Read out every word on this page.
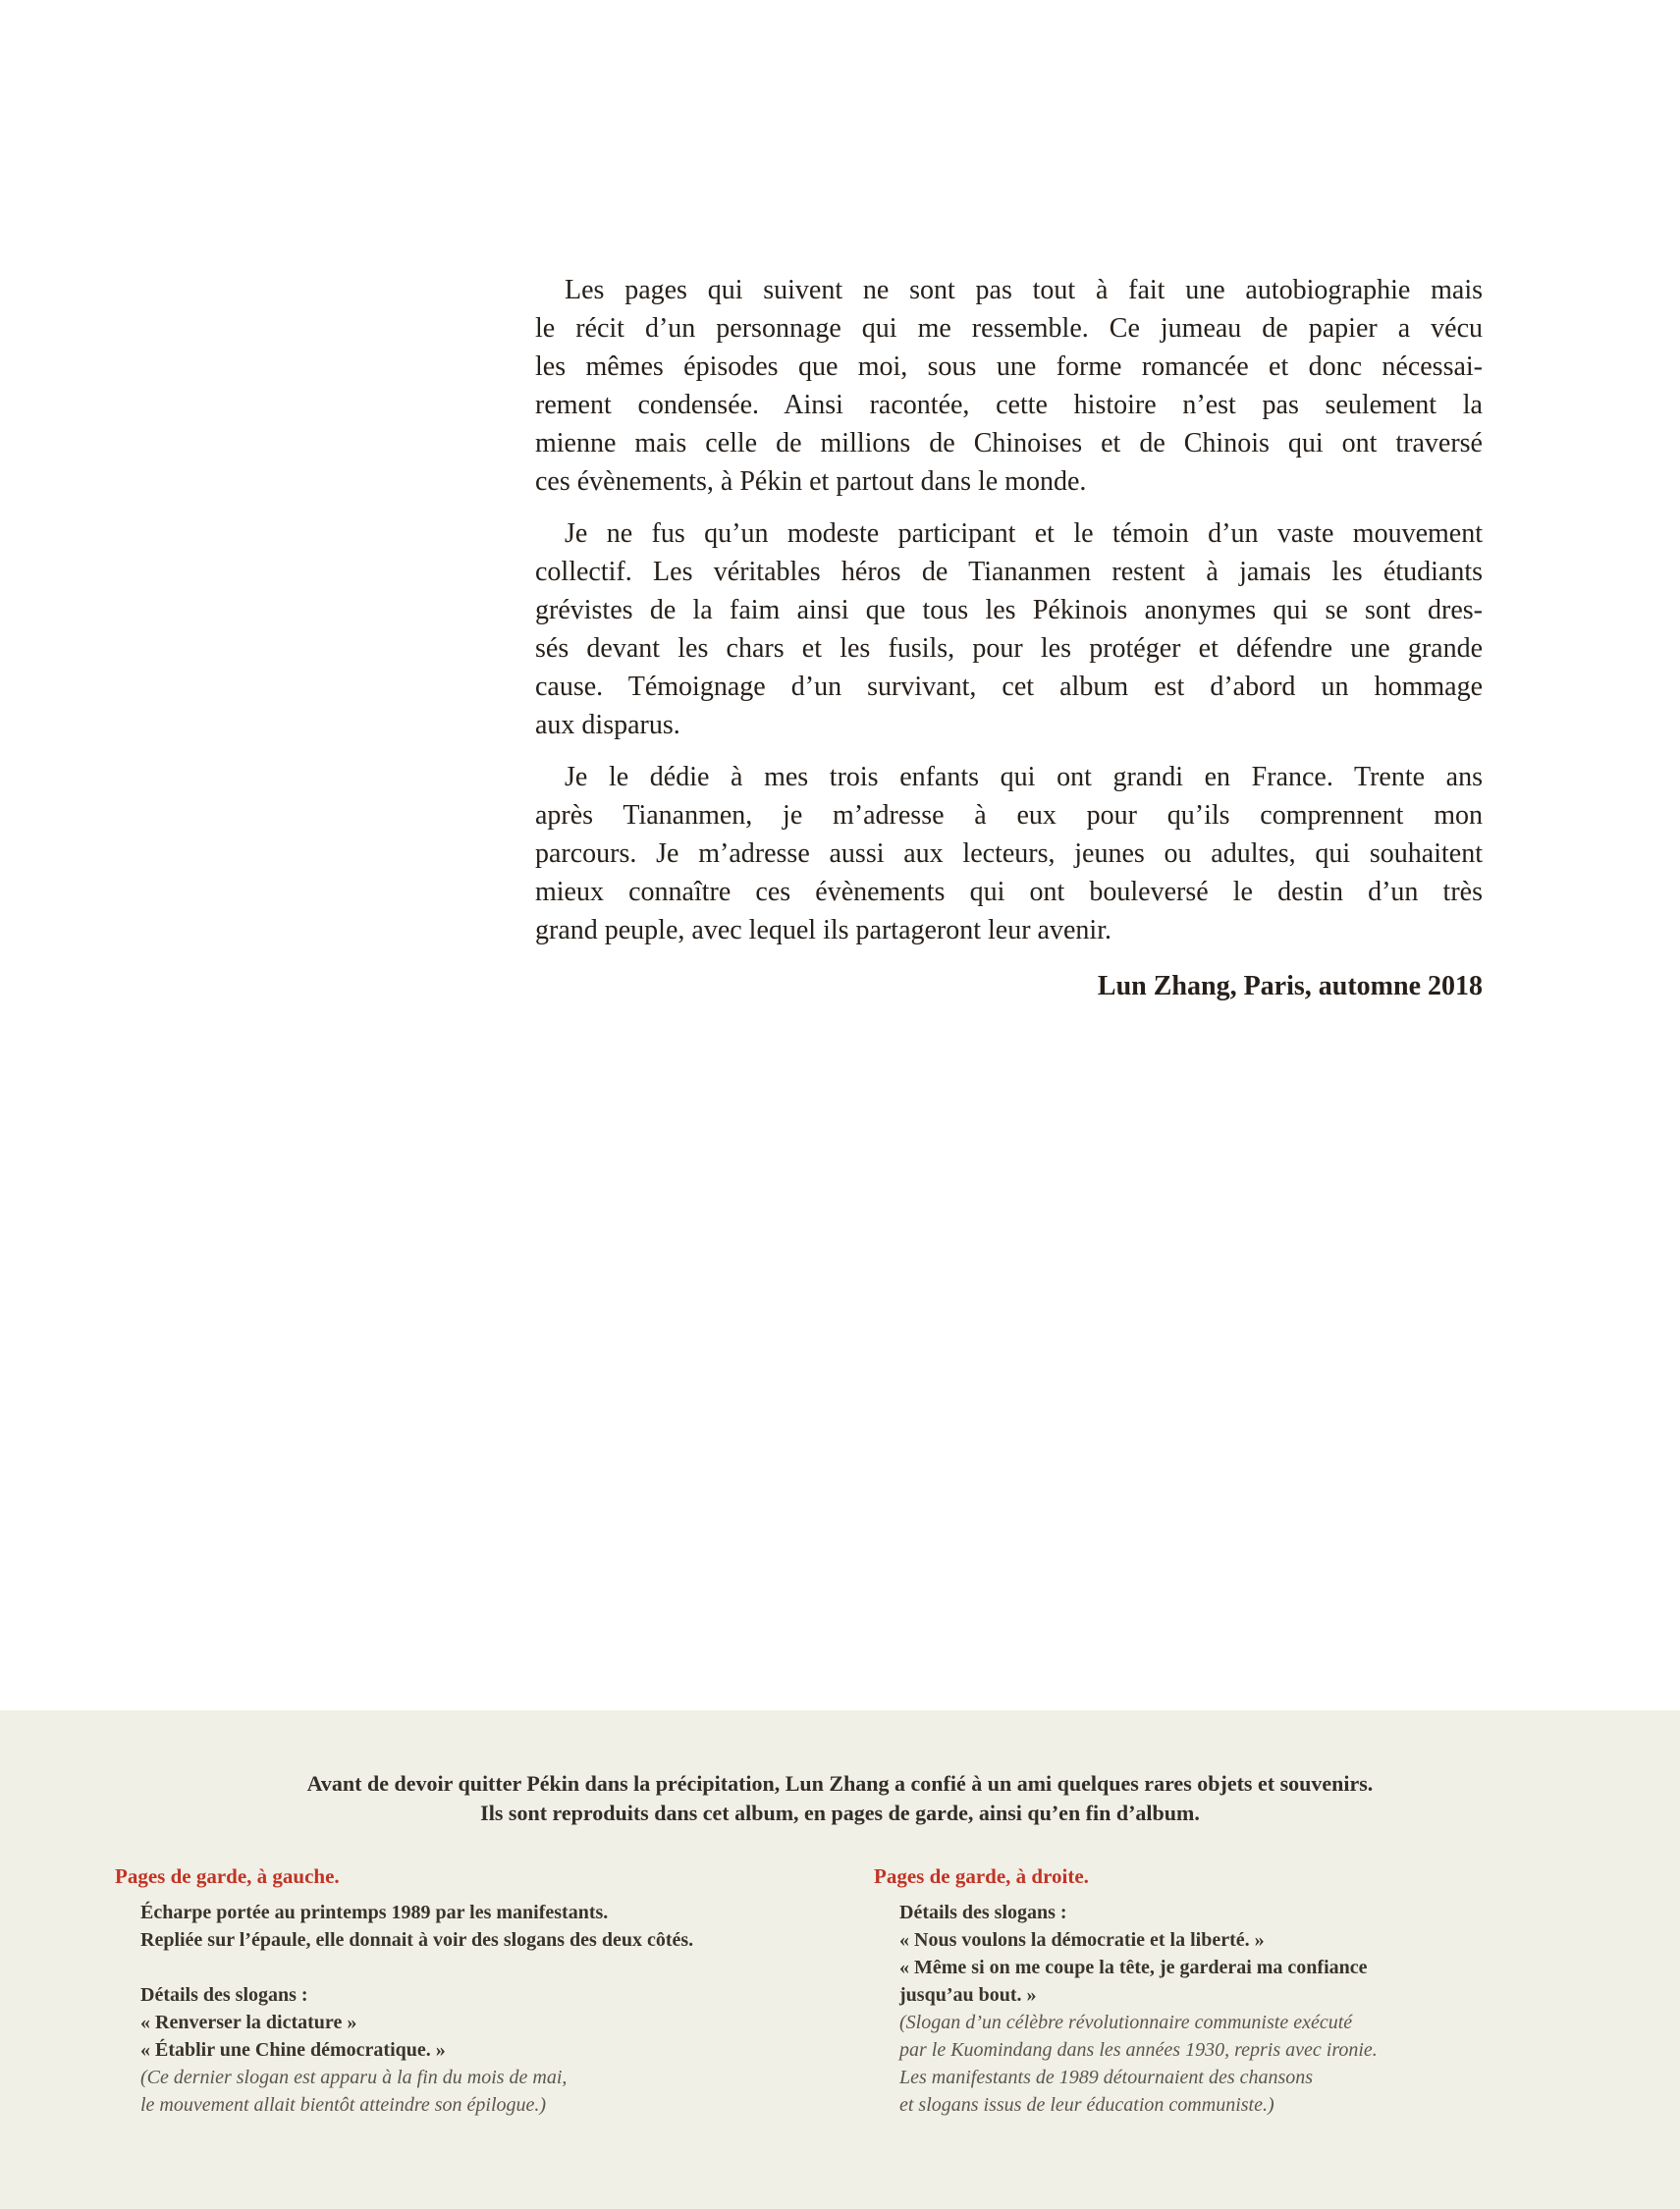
Les pages qui suivent ne sont pas tout à fait une autobiographie mais
le récit d’un personnage qui me ressemble. Ce jumeau de papier a vécu
les mêmes épisodes que moi, sous une forme romancée et donc nécessai-
rement condensée. Ainsi racontée, cette histoire n’est pas seulement la
mienne mais celle de millions de Chinoises et de Chinois qui ont traversé
ces évènements, à Pékin et partout dans le monde.
Je ne fus qu’un modeste participant et le témoin d’un vaste mouvement
collectif. Les véritables héros de Tiananmen restent à jamais les étudiants
grévistes de la faim ainsi que tous les Pékinois anonymes qui se sont dres-
sés devant les chars et les fusils, pour les protéger et défendre une grande
cause. Témoignage d’un survivant, cet album est d’abord un hommage
aux disparus.
Je le dédie à mes trois enfants qui ont grandi en France. Trente ans
après Tiananmen, je m’adresse à eux pour qu’ils comprennent mon
parcours. Je m’adresse aussi aux lecteurs, jeunes ou adultes, qui souhaitent
mieux connaître ces évènements qui ont bouleversé le destin d’un très
grand peuple, avec lequel ils partageront leur avenir.
Lun Zhang, Paris, automne 2018
Avant de devoir quitter Pékin dans la précipitation, Lun Zhang a confié à un ami quelques rares objets et souvenirs.
Ils sont reproduits dans cet album, en pages de garde, ainsi qu’en fin d’album.
Pages de garde, à gauche.
Écharpe portée au printemps 1989 par les manifestants.
Repliée sur l’épaule, elle donnait à voir des slogans des deux côtés.
Détails des slogans :
« Renverser la dictature »
« Établir une Chine démocratique. »
(Ce dernier slogan est apparu à la fin du mois de mai,
le mouvement allait bientôt atteindre son épilogue.)
Pages de garde, à droite.
Détails des slogans :
« Nous voulons la démocratie et la liberté. »
« Même si on me coupe la tête, je garderai ma confiance
jusqu’au bout. »
(Slogan d’un célèbre révolutionnaire communiste exécuté
par le Kuomindang dans les années 1930, repris avec ironie.
Les manifestants de 1989 détournaient des chansons
et slogans issus de leur éducation communiste.)
